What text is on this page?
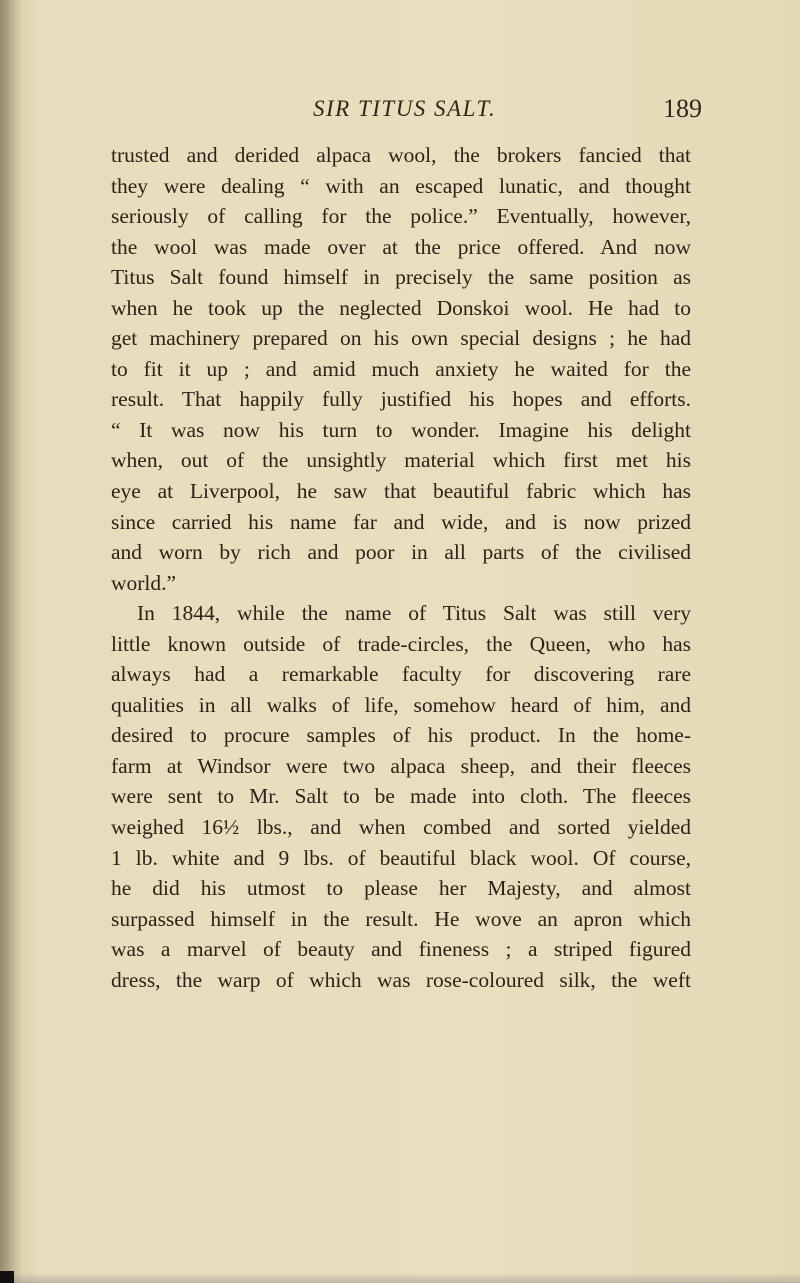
SIR TITUS SALT.	189
trusted and derided alpaca wool, the brokers fancied that
they were dealing “ with an escaped lunatic, and thought
seriously of calling for the police.” Eventually, however,
the wool was made over at the price offered. And now
Titus Salt found himself in precisely the same position as
when he took up the neglected Donskoi wool. He had to
get machinery prepared on his own special designs ; he had
to fit it up ; and amid much anxiety he waited for the
result. That happily fully justified his hopes and efforts.
“ It was now his turn to wonder. Imagine his delight
when, out of the unsightly material which first met his
eye at Liverpool, he saw that beautiful fabric which has
since carried his name far and wide, and is now prized
and worn by rich and poor in all parts of the civilised
world.”
In 1844, while the name of Titus Salt was still very
little known outside of trade-circles, the Queen, who has
always had a remarkable faculty for discovering rare
qualities in all walks of life, somehow heard of him, and
desired to procure samples of his product. In the home-
farm at Windsor were two alpaca sheep, and their fleeces
were sent to Mr. Salt to be made into cloth. The fleeces
weighed 16½ lbs., and when combed and sorted yielded
1 lb. white and 9 lbs. of beautiful black wool. Of course,
he did his utmost to please her Majesty, and almost
surpassed himself in the result. He wove an apron which
was a marvel of beauty and fineness ; a striped figured
dress, the warp of which was rose-coloured silk, the weft
